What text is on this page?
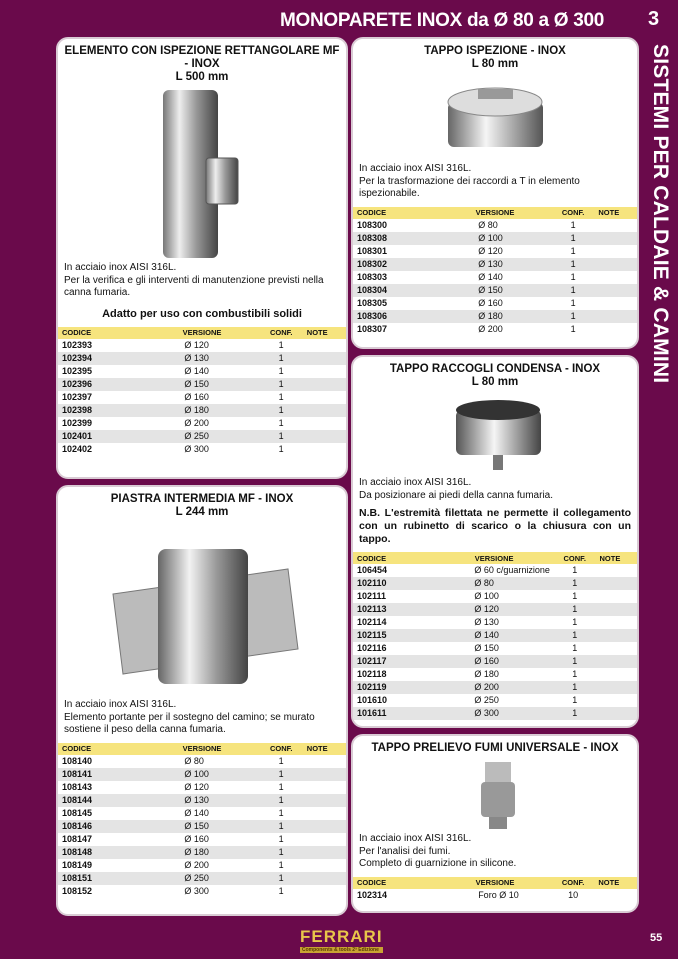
MONOPARETE INOX da Ø 80 a Ø 300 3
SISTEMI PER CALDAIE & CAMINI
ELEMENTO CON ISPEZIONE RETTANGOLARE MF - INOX
L 500 mm
In acciaio inox AISI 316L.
Per la verifica e gli interventi di manutenzione previsti nella canna fumaria.
Adatto per uso con combustibili solidi
CODICE	VERSIONE	CONF.	NOTE
102393	Ø 120	1	
102394	Ø 130	1	
102395	Ø 140	1	
102396	Ø 150	1	
102397	Ø 160	1	
102398	Ø 180	1	
102399	Ø 200	1	
102401	Ø 250	1	
102402	Ø 300	1	
PIASTRA INTERMEDIA MF - INOX
L 244 mm
In acciaio inox AISI 316L.
Elemento portante per il sostegno del camino; se murato sostiene il peso della canna fumaria.
CODICE	VERSIONE	CONF.	NOTE
108140	Ø 80	1	
108141	Ø 100	1	
108143	Ø 120	1	
108144	Ø 130	1	
108145	Ø 140	1	
108146	Ø 150	1	
108147	Ø 160	1	
108148	Ø 180	1	
108149	Ø 200	1	
108151	Ø 250	1	
108152	Ø 300	1	
TAPPO ISPEZIONE - INOX
L 80 mm
In acciaio inox AISI 316L.
Per la trasformazione dei raccordi a T in elemento ispezionabile.
CODICE	VERSIONE	CONF.	NOTE
108300	Ø 80	1	
108308	Ø 100	1	
108301	Ø 120	1	
108302	Ø 130	1	
108303	Ø 140	1	
108304	Ø 150	1	
108305	Ø 160	1	
108306	Ø 180	1	
108307	Ø 200	1	
TAPPO RACCOGLI CONDENSA - INOX
L 80 mm
In acciaio inox AISI 316L.
Da posizionare ai piedi della canna fumaria.
N.B. L'estremità filettata ne permette il collegamento con un rubinetto di scarico o la chiusura con un tappo.
CODICE	VERSIONE	CONF.	NOTE
106454	Ø 60 c/guarnizione	1	
102110	Ø 80	1	
102111	Ø 100	1	
102113	Ø 120	1	
102114	Ø 130	1	
102115	Ø 140	1	
102116	Ø 150	1	
102117	Ø 160	1	
102118	Ø 180	1	
102119	Ø 200	1	
101610	Ø 250	1	
101611	Ø 300	1	
TAPPO PRELIEVO FUMI UNIVERSALE - INOX
In acciaio inox AISI 316L.
Per l'analisi dei fumi.
Completo di guarnizione in silicone.
CODICE	VERSIONE	CONF.	NOTE
102314	Foro Ø 10	10	
FERRARI
Components & tools 2ª Edizione
55
